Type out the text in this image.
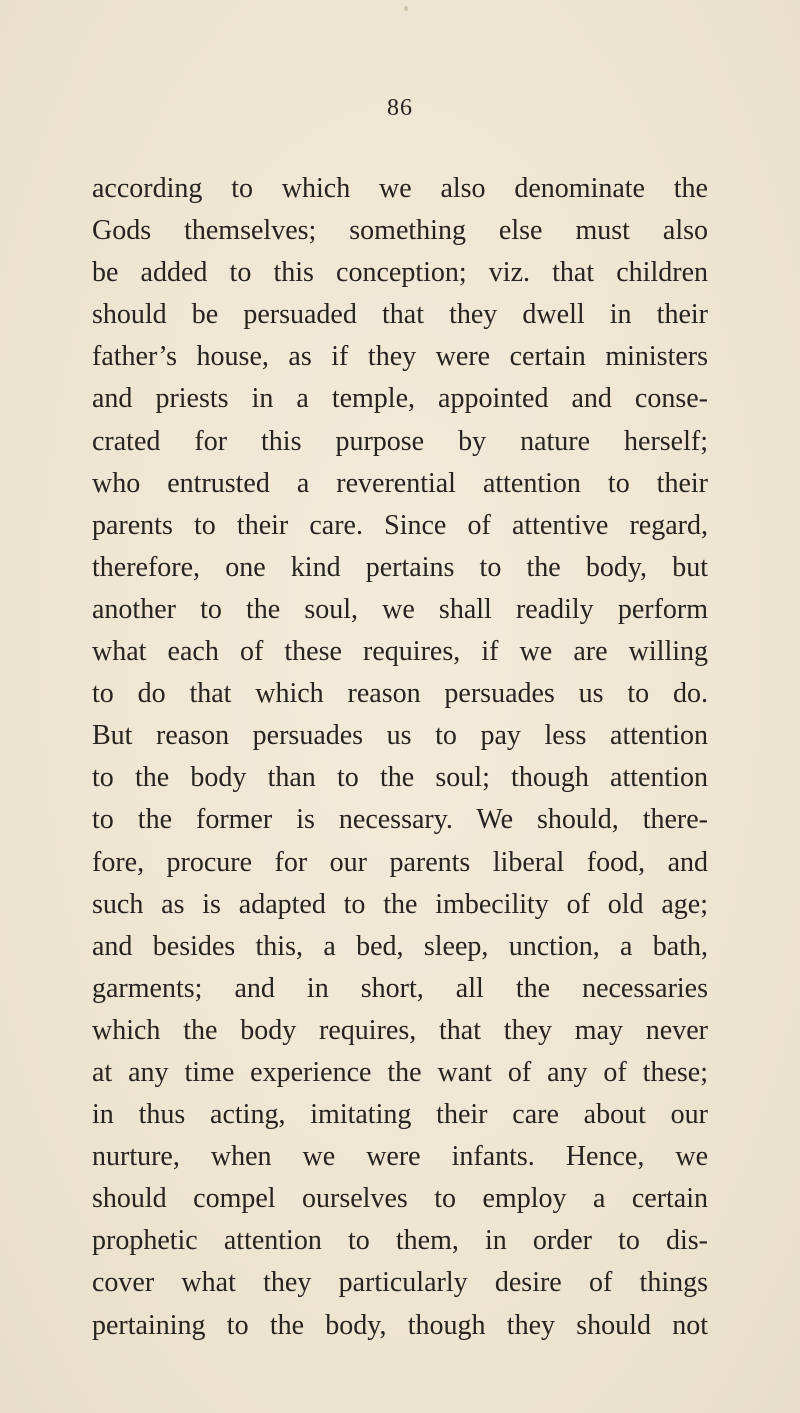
86
according to which we also denominate the
Gods themselves; something else must also
be added to this conception; viz. that children
should be persuaded that they dwell in their
father’s house, as if they were certain ministers
and priests in a temple, appointed and conse-
crated for this purpose by nature herself;
who entrusted a reverential attention to their
parents to their care. Since of attentive regard,
therefore, one kind pertains to the body, but
another to the soul, we shall readily perform
what each of these requires, if we are willing
to do that which reason persuades us to do.
But reason persuades us to pay less attention
to the body than to the soul; though attention
to the former is necessary. We should, there-
fore, procure for our parents liberal food, and
such as is adapted to the imbecility of old age;
and besides this, a bed, sleep, unction, a bath,
garments; and in short, all the necessaries
which the body requires, that they may never
at any time experience the want of any of these;
in thus acting, imitating their care about our
nurture, when we were infants. Hence, we
should compel ourselves to employ a certain
prophetic attention to them, in order to dis-
cover what they particularly desire of things
pertaining to the body, though they should not
